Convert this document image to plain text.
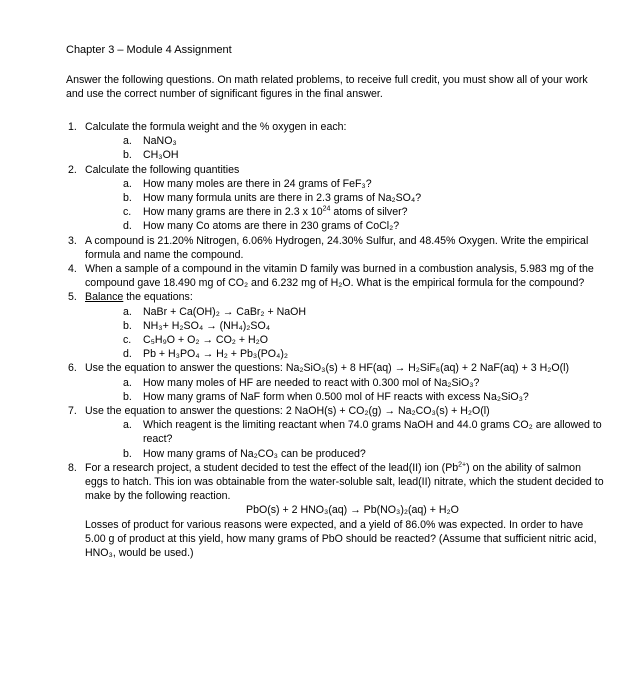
Chapter 3 – Module 4 Assignment
Answer the following questions. On math related problems, to receive full credit, you must show all of your work and use the correct number of significant figures in the final answer.
1. Calculate the formula weight and the % oxygen in each:
a. NaNO₃
b. CH₃OH
2. Calculate the following quantities
a. How many moles are there in 24 grams of FeF₃?
b. How many formula units are there in 2.3 grams of Na₂SO₄?
c. How many grams are there in 2.3 x $10^{24}$ atoms of silver?
d. How many Co atoms are there in 230 grams of CoCl₂?
3. A compound is 21.20% Nitrogen, 6.06% Hydrogen, 24.30% Sulfur, and 48.45% Oxygen. Write the empirical formula and name the compound.
4. When a sample of a compound in the vitamin D family was burned in a combustion analysis, 5.983 mg of the compound gave 18.490 mg of CO₂ and 6.232 mg of H₂O. What is the empirical formula for the compound?
5. Balance the equations:
a. NaBr + Ca(OH)₂ → CaBr₂ + NaOH
b. NH₃+ H₂SO₄ → (NH₄)₂SO₄
c. C₅H₉O + O₂ → CO₂ + H₂O
d. Pb + H₃PO₄ → H₂ + Pb₃(PO₄)₂
6. Use the equation to answer the questions: Na₂SiO₃(s) + 8 HF(aq) → H₂SiF₆(aq) + 2 NaF(aq) + 3 H₂O(l)
a. How many moles of HF are needed to react with 0.300 mol of Na₂SiO₃?
b. How many grams of NaF form when 0.500 mol of HF reacts with excess Na₂SiO₃?
7. Use the equation to answer the questions: 2 NaOH(s) + CO₂(g) → Na₂CO₃(s) + H₂O(l)
a. Which reagent is the limiting reactant when 74.0 grams NaOH and 44.0 grams CO₂ are allowed to react?
b. How many grams of Na₂CO₃ can be produced?
8. For a research project, a student decided to test the effect of the lead(II) ion $(Pb^{2+})$ on the ability of salmon eggs to hatch. This ion was obtainable from the water-soluble salt, lead(II) nitrate, which the student decided to make by the following reaction.
PbO(s) + 2 HNO₃(aq) → Pb(NO₃)₂(aq) + H₂O
Losses of product for various reasons were expected, and a yield of 86.0% was expected. In order to have 5.00 g of product at this yield, how many grams of PbO should be reacted? (Assume that sufficient nitric acid, HNO₃, would be used.)
